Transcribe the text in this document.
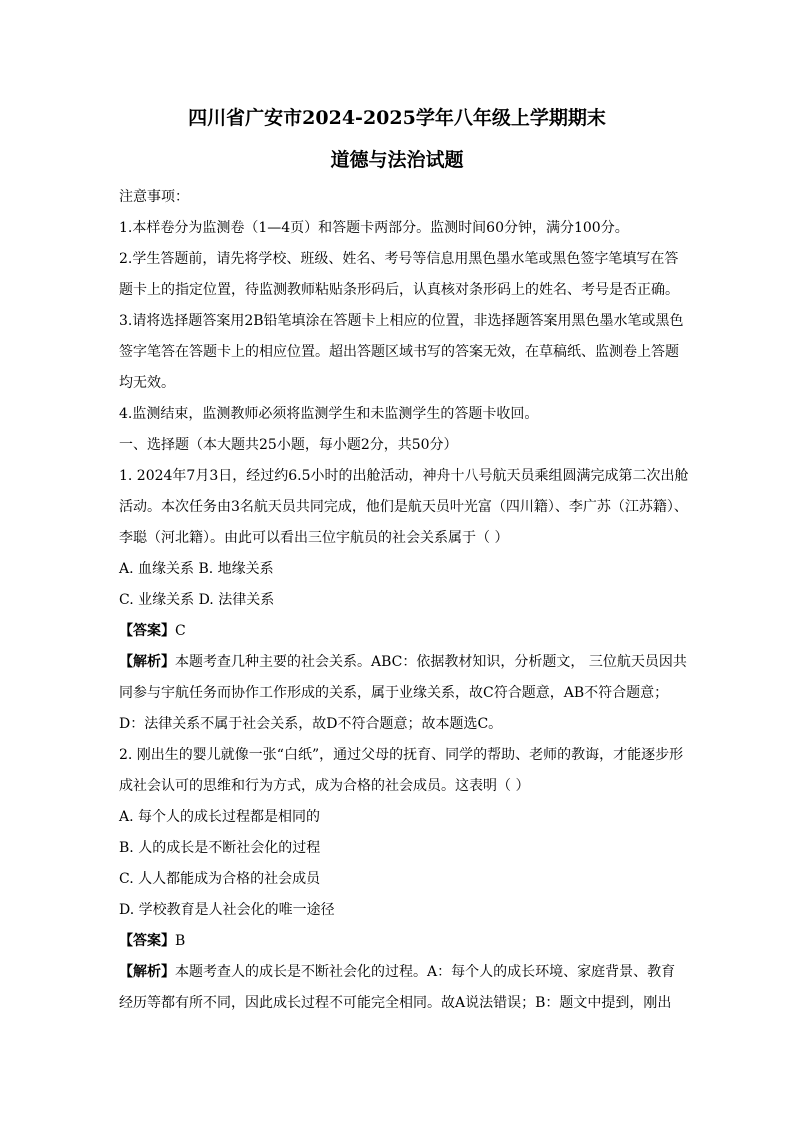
四川省广安市2024-2025学年八年级上学期期末
道德与法治试题

注意事项：

1.本样卷分为监测卷（1—4页）和答题卡两部分。监测时间60分钟，满分100分。

2.学生答题前，请先将学校、班级、姓名、考号等信息用黑色墨水笔或黑色签字笔填写在答题卡上的指定位置，待监测教师粘贴条形码后，认真核对条形码上的姓名、考号是否正确。

3.请将选择题答案用2B铅笔填涂在答题卡上相应的位置，非选择题答案用黑色墨水笔或黑色签字笔答在答题卡上的相应位置。超出答题区域书写的答案无效，在草稿纸、监测卷上答题均无效。

4.监测结束，监测教师必须将监测学生和未监测学生的答题卡收回。

一、选择题（本大题共25小题，每小题2分，共50分）

1. 2024年7月3日，经过约6.5小时的出舱活动，神舟十八号航天员乘组圆满完成第二次出舱活动。本次任务由3名航天员共同完成，他们是航天员叶光富（四川籍）、李广苏（江苏籍）、李聪（河北籍）。由此可以看出三位宇航员的社会关系属于（ ）

A. 血缘关系 B. 地缘关系

C. 业缘关系 D. 法律关系

【答案】C

【解析】本题考查几种主要的社会关系。ABC：依据教材知识，分析题文， 三位航天员因共同参与宇航任务而协作工作形成的关系，属于业缘关系，故C符合题意，AB不符合题意；D：法律关系不属于社会关系，故D不符合题意；故本题选C。

2. 刚出生的婴儿就像一张“白纸”，通过父母的抚育、同学的帮助、老师的教诲，才能逐步形成社会认可的思维和行为方式，成为合格的社会成员。这表明（ ）

A. 每个人的成长过程都是相同的

B. 人的成长是不断社会化的过程

C. 人人都能成为合格的社会成员

D. 学校教育是人社会化的唯一途径

【答案】B

【解析】本题考查人的成长是不断社会化的过程。A：每个人的成长环境、家庭背景、教育经历等都有所不同，因此成长过程不可能完全相同。故A说法错误；B：题文中提到，刚出
